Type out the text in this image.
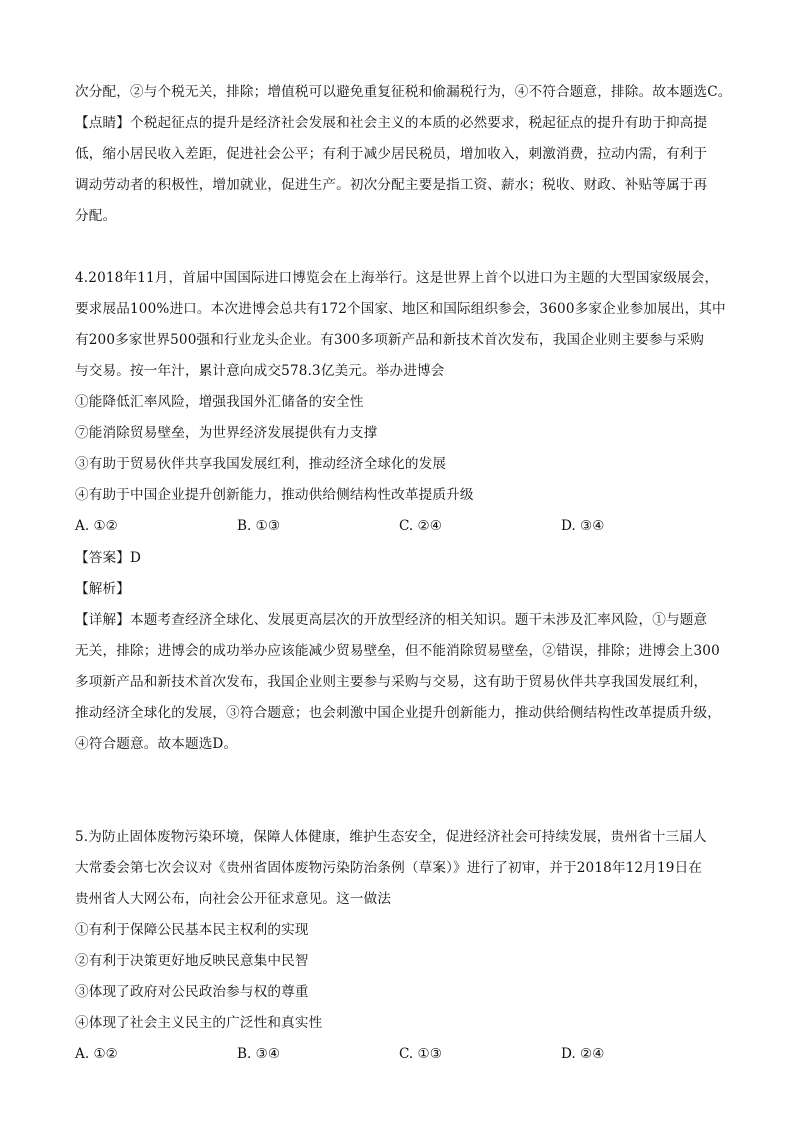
次分配，②与个税无关，排除；增值税可以避免重复征税和偷漏税行为，④不符合题意，排除。故本题选C。
【点睛】个税起征点的提升是经济社会发展和社会主义的本质的必然要求，税起征点的提升有助于抑高提
低，缩小居民收入差距，促进社会公平；有利于减少居民税员，增加收入，刺激消费，拉动内需，有利于
调动劳动者的积极性，增加就业，促进生产。初次分配主要是指工资、薪水；税收、财政、补贴等属于再
分配。
4.2018年11月，首届中国国际进口博览会在上海举行。这是世界上首个以进口为主题的大型国家级展会，
要求展品100%进口。本次进博会总共有172个国家、地区和国际组织参会，3600多家企业参加展出，其中
有200多家世界500强和行业龙头企业。有300多项新产品和新技术首次发布，我国企业则主要参与采购
与交易。按一年汁，累计意向成交578.3亿美元。举办进博会
①能降低汇率风险，增强我国外汇储备的安全性
⑦能消除贸易壁垒，为世界经济发展提供有力支撑
③有助于贸易伙伴共享我国发展红利，推动经济全球化的发展
④有助于中国企业提升创新能力，推动供给侧结构性改革提质升级
A. ①②	B. ①③	C. ②④	D. ③④
【答案】D
【解析】
【详解】本题考查经济全球化、发展更高层次的开放型经济的相关知识。题干未涉及汇率风险，①与题意
无关，排除；进博会的成功举办应该能减少贸易壁垒，但不能消除贸易壁垒，②错误，排除；进博会上300
多项新产品和新技术首次发布，我国企业则主要参与采购与交易，这有助于贸易伙伴共享我国发展红利，
推动经济全球化的发展，③符合题意；也会刺激中国企业提升创新能力，推动供给侧结构性改革提质升级，
④符合题意。故本题选D。
5.为防止固体废物污染环境，保障人体健康，维护生态安全，促进经济社会可持续发展，贵州省十三届人
大常委会第七次会议对《贵州省固体废物污染防治条例（草案）》进行了初审，并于2018年12月19日在
贵州省人大网公布，向社会公开征求意见。这一做法
①有利于保障公民基本民主权利的实现
②有利于决策更好地反映民意集中民智
③体现了政府对公民政治参与权的尊重
④体现了社会主义民主的广泛性和真实性
A. ①②	B. ③④	C. ①③	D. ②④
